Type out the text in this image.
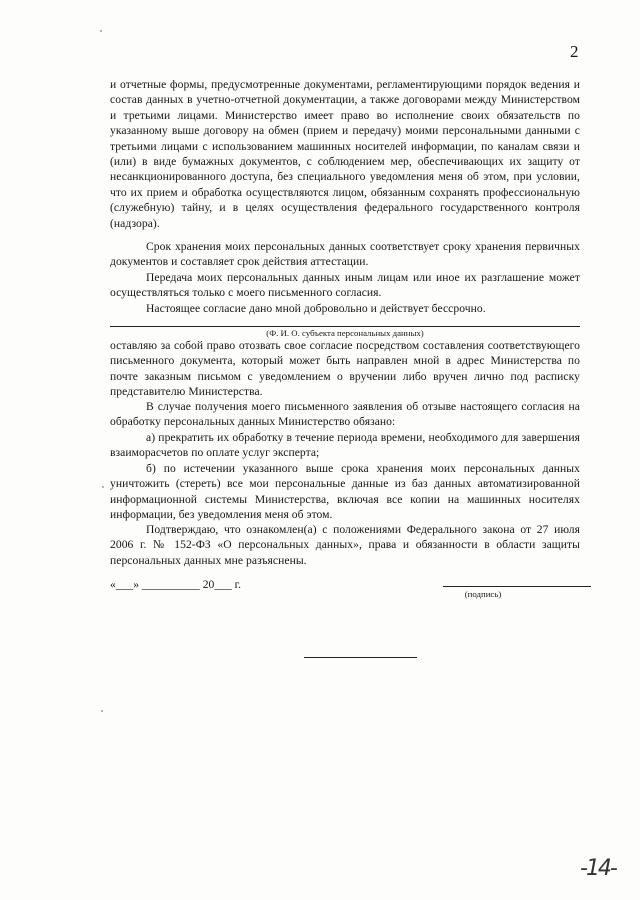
2

и отчетные формы, предусмотренные документами, регламентирующими порядок ведения и состав данных в учетно-отчетной документации, а также договорами между Министерством и третьими лицами. Министерство имеет право во исполнение своих обязательств по указанному выше договору на обмен (прием и передачу) моими персональными данными с третьими лицами с использованием машинных носителей информации, по каналам связи и (или) в виде бумажных документов, с соблюдением мер, обеспечивающих их защиту от несанкционированного доступа, без специального уведомления меня об этом, при условии, что их прием и обработка осуществляются лицом, обязанным сохранять профессиональную (служебную) тайну, и в целях осуществления федерального государственного контроля (надзора).

Срок хранения моих персональных данных соответствует сроку хранения первичных документов и составляет срок действия аттестации.

Передача моих персональных данных иным лицам или иное их разглашение может осуществляться только с моего письменного согласия.

Настоящее согласие дано мной добровольно и действует бессрочно.

(Ф. И. О. субъекта персональных данных)

оставляю за собой право отозвать свое согласие посредством составления соответствующего письменного документа, который может быть направлен мной в адрес Министерства по почте заказным письмом с уведомлением о вручении либо вручен лично под расписку представителю Министерства.

В случае получения моего письменного заявления об отзыве настоящего согласия на обработку персональных данных Министерство обязано:

а) прекратить их обработку в течение периода времени, необходимого для завершения взаиморасчетов по оплате услуг эксперта;

б) по истечении указанного выше срока хранения моих персональных данных уничтожить (стереть) все мои персональные данные из баз данных автоматизированной информационной системы Министерства, включая все копии на машинных носителях информации, без уведомления меня об этом.

Подтверждаю, что ознакомлен(а) с положениями Федерального закона от 27 июля 2006 г. № 152-ФЗ «О персональных данных», права и обязанности в области защиты персональных данных мне разъяснены.

«___» __________ 20___ г.
(подпись)
-14-
